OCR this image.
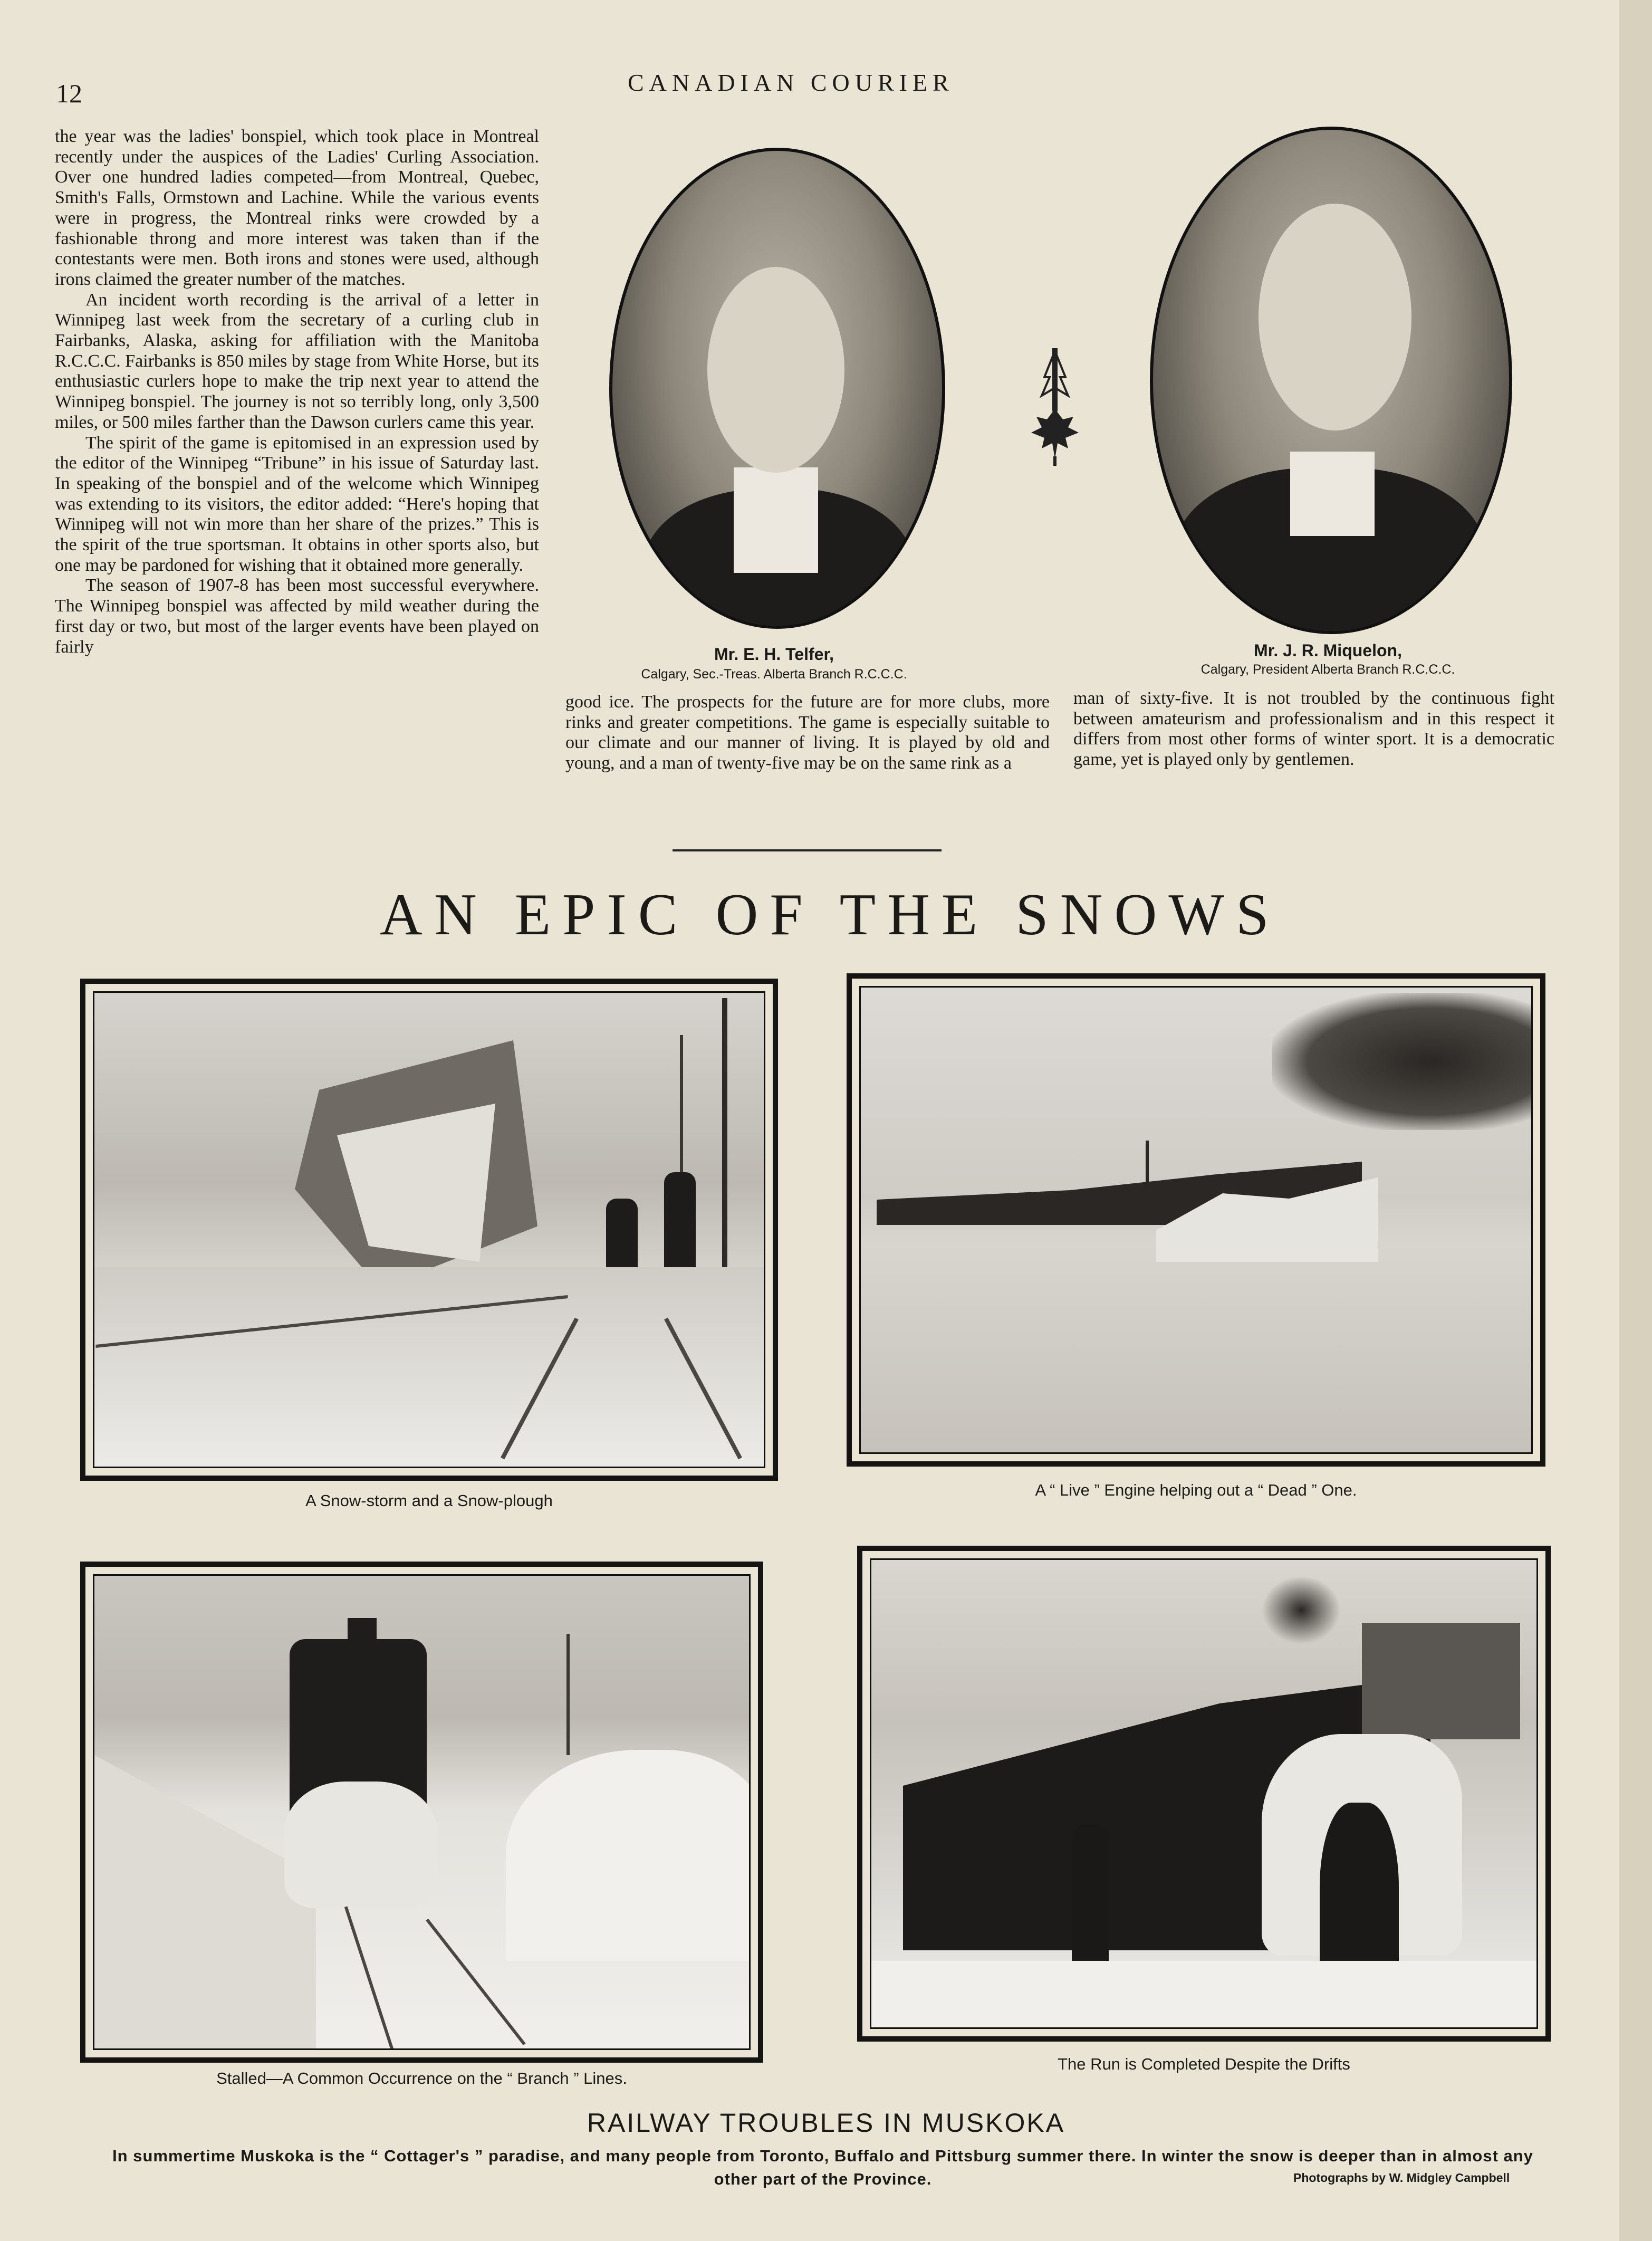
12	CANADIAN COURIER

the year was the ladies' bonspiel, which took place in Montreal recently under the auspices of the Ladies' Curling Association. Over one hundred ladies competed—from Montreal, Quebec, Smith's Falls, Ormstown and Lachine. While the various events were in progress, the Montreal rinks were crowded by a fashionable throng and more interest was taken than if the contestants were men. Both irons and stones were used, although irons claimed the greater number of the matches.

An incident worth recording is the arrival of a letter in Winnipeg last week from the secretary of a curling club in Fairbanks, Alaska, asking for affiliation with the Manitoba R.C.C.C. Fairbanks is 850 miles by stage from White Horse, but its enthusiastic curlers hope to make the trip next year to attend the Winnipeg bonspiel. The journey is not so terribly long, only 3,500 miles, or 500 miles farther than the Dawson curlers came this year.

The spirit of the game is epitomised in an expression used by the editor of the Winnipeg “Tribune” in his issue of Saturday last. In speaking of the bonspiel and of the welcome which Winnipeg was extending to its visitors, the editor added: “Here's hoping that Winnipeg will not win more than her share of the prizes.” This is the spirit of the true sportsman. It obtains in other sports also, but one may be pardoned for wishing that it obtained more generally.

The season of 1907-8 has been most successful everywhere. The Winnipeg bonspiel was affected by mild weather during the first day or two, but most of the larger events have been played on fairly	Mr. E. H. Telfer,
Calgary, Sec.-Treas. Alberta Branch R.C.C.C.
Mr. J. R. Miquelon,
Calgary, President Alberta Branch R.C.C.C.

good ice. The prospects for the future are for more clubs, more rinks and greater competitions. The game is especially suitable to our climate and our manner of living. It is played by old and young, and a man of twenty-five may be on the same rink as a

man of sixty-five. It is not troubled by the continuous fight between amateurism and professionalism and in this respect it differs from most other forms of winter sport. It is a democratic game, yet is played only by gentlemen.

AN EPIC OF THE SNOWS
A Snow-storm and a Snow-plough
A “ Live ” Engine helping out a “ Dead ” One.
Stalled—A Common Occurrence on the “ Branch ” Lines.
The Run is Completed Despite the Drifts
RAILWAY TROUBLES IN MUSKOKA
In summertime Muskoka is the “ Cottager's ” paradise, and many people from Toronto, Buffalo and Pittsburg summer there. In winter the snow is deeper than in almost any other part of the Province.	Photographs by W. Midgley Campbell
